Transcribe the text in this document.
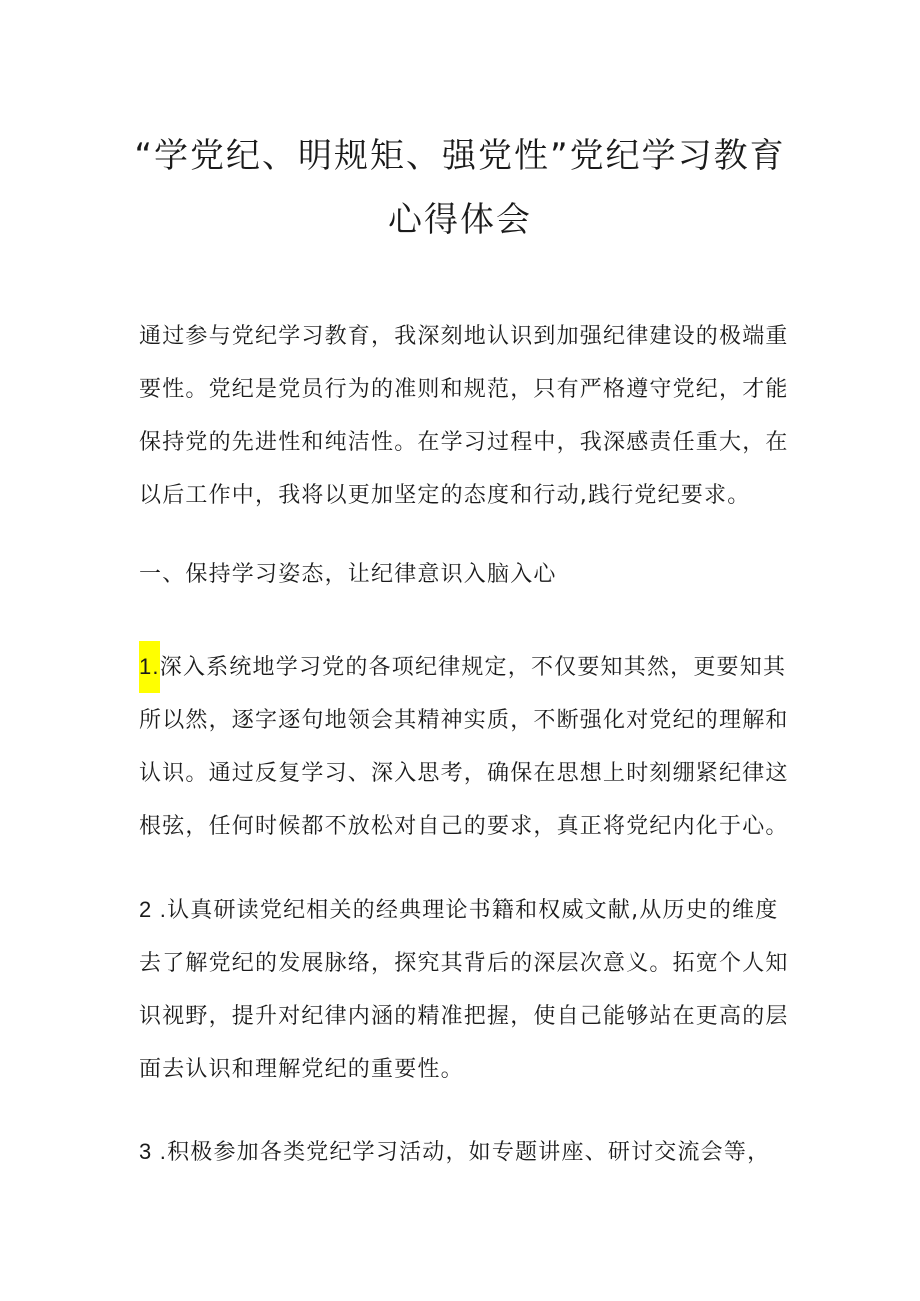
“学党纪、明规矩、强党性”党纪学习教育
心得体会

通过参与党纪学习教育，我深刻地认识到加强纪律建设的极端重
要性。党纪是党员行为的准则和规范，只有严格遵守党纪，才能
保持党的先进性和纯洁性。在学习过程中，我深感责任重大，在
以后工作中，我将以更加坚定的态度和行动,践行党纪要求。

一、保持学习姿态，让纪律意识入脑入心

1.深入系统地学习党的各项纪律规定，不仅要知其然，更要知其
所以然，逐字逐句地领会其精神实质，不断强化对党纪的理解和
认识。通过反复学习、深入思考，确保在思想上时刻绷紧纪律这
根弦，任何时候都不放松对自己的要求，真正将党纪内化于心。

2 .认真研读党纪相关的经典理论书籍和权威文献,从历史的维度
去了解党纪的发展脉络，探究其背后的深层次意义。拓宽个人知
识视野，提升对纪律内涵的精准把握，使自己能够站在更高的层
面去认识和理解党纪的重要性。

3 .积极参加各类党纪学习活动，如专题讲座、研讨交流会等，
